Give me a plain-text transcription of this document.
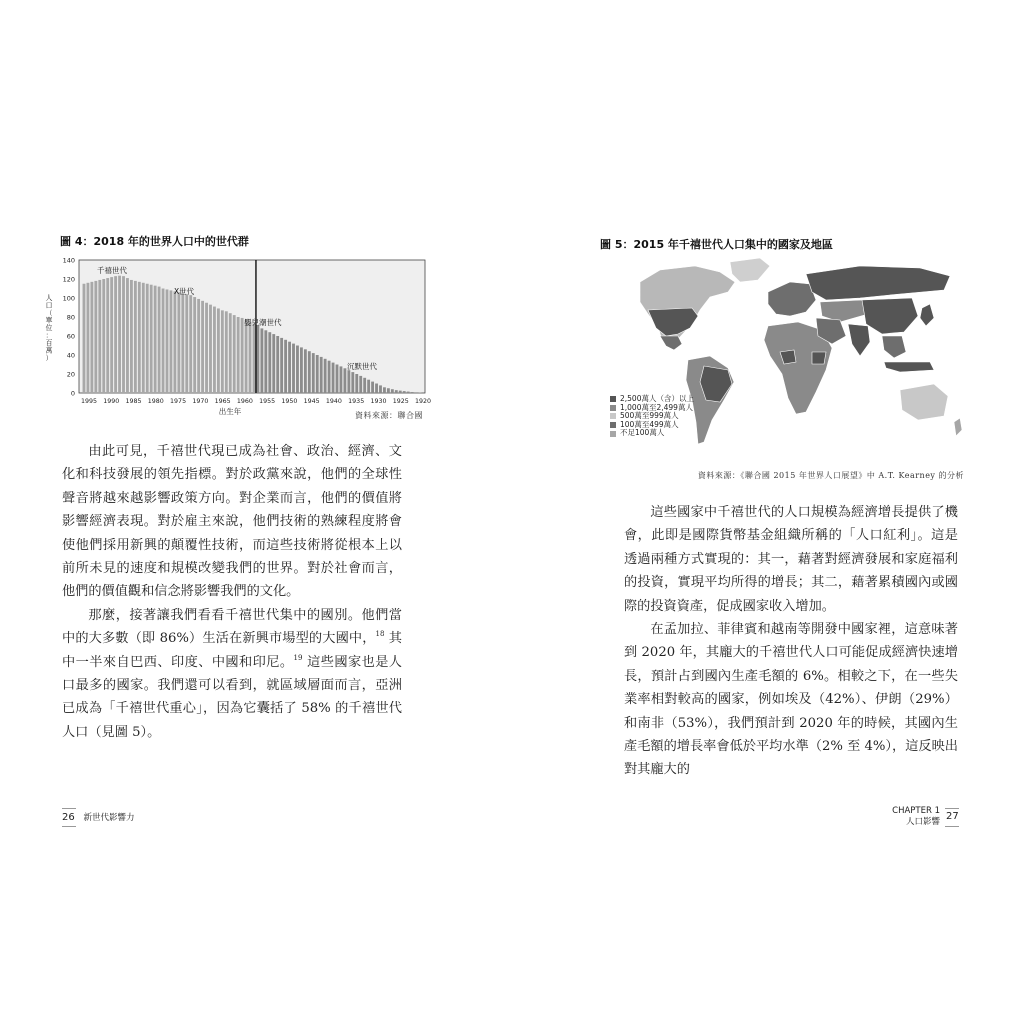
圖 4：2018 年的世界人口中的世代群
人
口
（
單
位
：
百
萬
）
0
20
40
60
80
100
120
140
1995 1990 1985 1980 1975 1970 1965 1960 1955 1950 1945 1940 1935 1930 1925 1920
千禧世代
X世代
嬰兒潮世代
沉默世代
出生年	資料來源：聯合國

由此可見，千禧世代現已成為社會、政治、經濟、文化和科技發展的領先指標。對於政黨來說，他們的全球性聲音將越來越影響政策方向。對企業而言，他們的價值將影響經濟表現。對於雇主來說，他們技術的熟練程度將會使他們採用新興的顛覆性技術，而這些技術將從根本上以前所未見的速度和規模改變我們的世界。對於社會而言，他們的價值觀和信念將影響我們的文化。

那麼，接著讓我們看看千禧世代集中的國別。他們當中的大多數（即 86%）生活在新興市場型的大國中，$^{18}$ 其中一半來自巴西、印度、中國和印尼。$^{19}$ 這些國家也是人口最多的國家。我們還可以看到，就區域層面而言，亞洲已成為「千禧世代重心」，因為它囊括了 58% 的千禧世代人口（見圖 5）。

圖 5：2015 年千禧世代人口集中的國家及地區
2,500萬人（含）以上
1,000萬至2,499萬人
500萬至999萬人
100萬至499萬人
不足100萬人
資料來源：《聯合國 2015 年世界人口展望》中 A.T. Kearney 的分析

這些國家中千禧世代的人口規模為經濟增長提供了機會，此即是國際貨幣基金組織所稱的「人口紅利」。這是透過兩種方式實現的：其一，藉著對經濟發展和家庭福利的投資，實現平均所得的增長；其二，藉著累積國內或國際的投資資產，促成國家收入增加。

在孟加拉、菲律賓和越南等開發中國家裡，這意味著到 2020 年，其龐大的千禧世代人口可能促成經濟快速增長，預計占到國內生產毛額的 6%。相較之下，在一些失業率相對較高的國家，例如埃及（42%）、伊朗（29%）和南非（53%），我們預計到 2020 年的時候，其國內生產毛額的增長率會低於平均水準（2% 至 4%），這反映出對其龐大的

26 新世代影響力
CHAPTER 1
人口影響 27
